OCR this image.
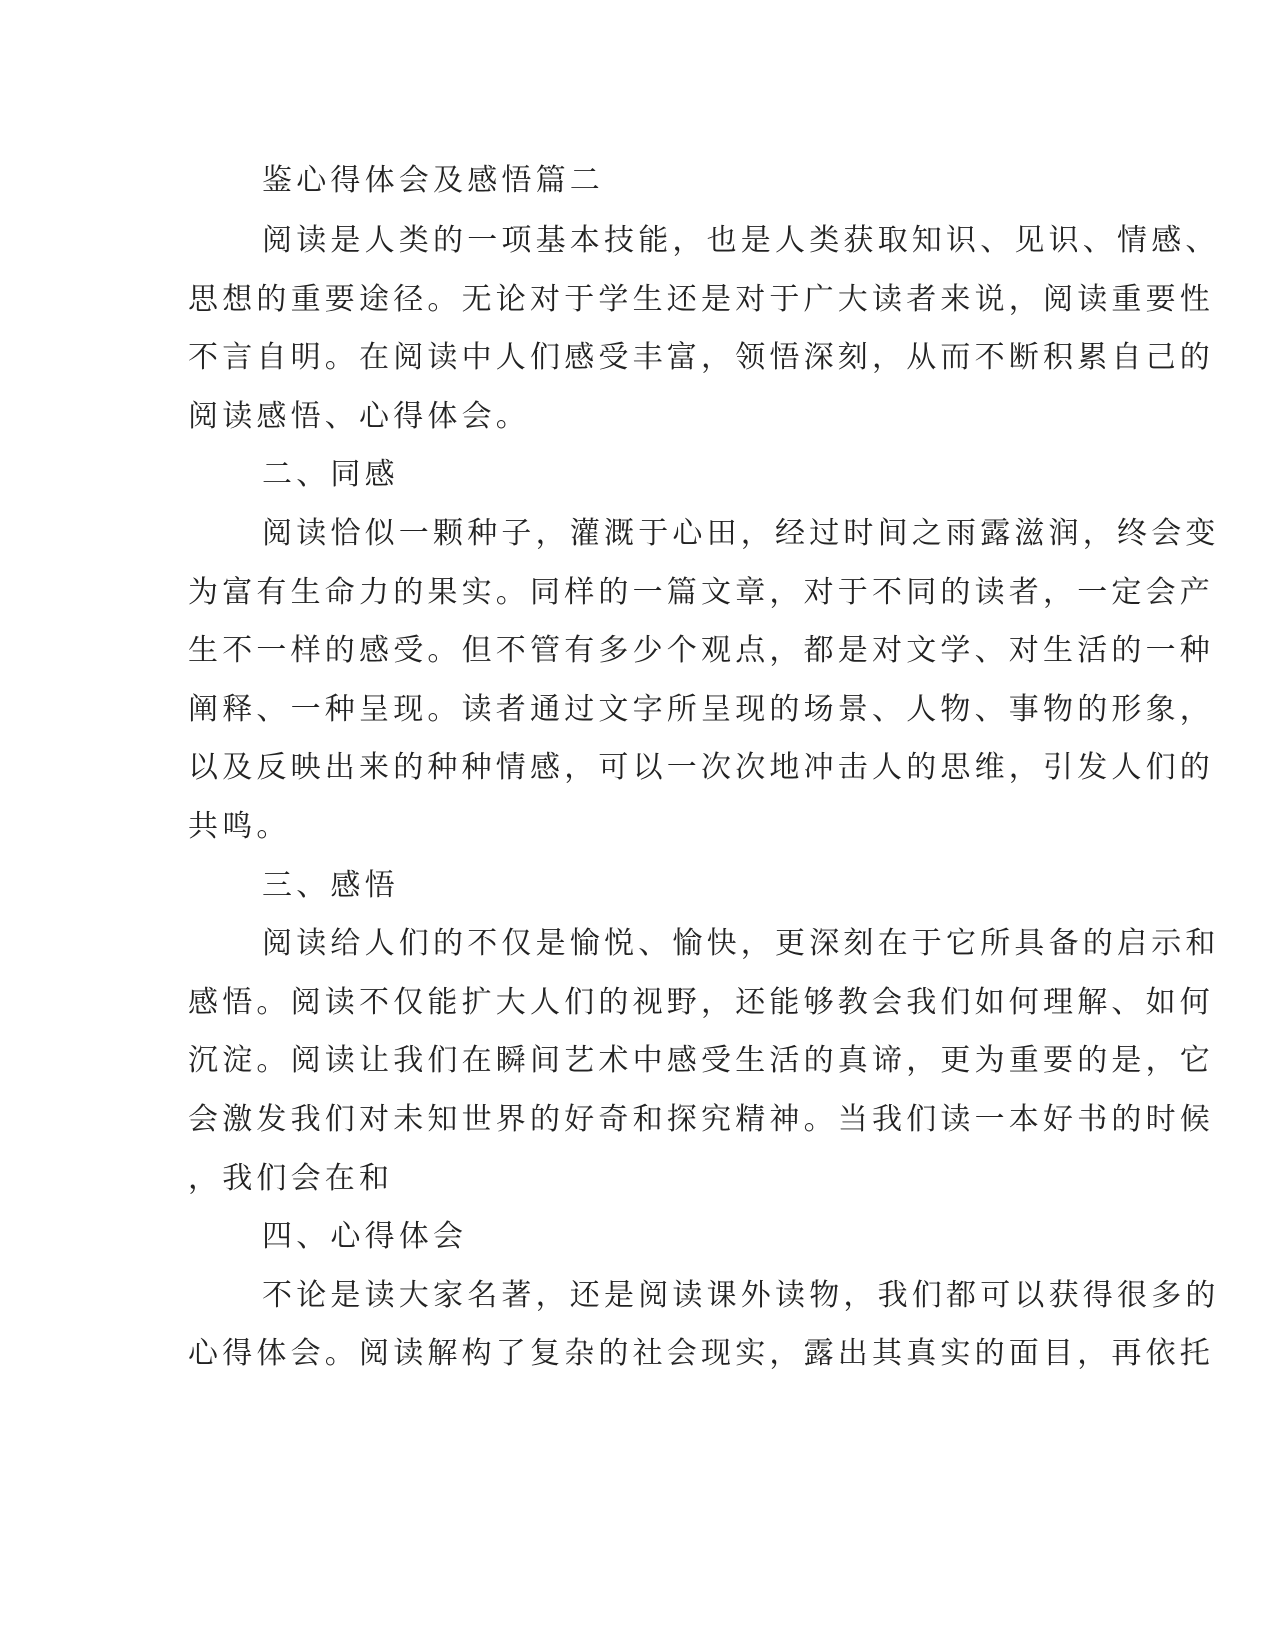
鉴心得体会及感悟篇二
阅读是人类的一项基本技能，也是人类获取知识、见识、情感、
思想的重要途径。无论对于学生还是对于广大读者来说，阅读重要性
不言自明。在阅读中人们感受丰富，领悟深刻，从而不断积累自己的
阅读感悟、心得体会。
二、同感
阅读恰似一颗种子，灌溉于心田，经过时间之雨露滋润，终会变
为富有生命力的果实。同样的一篇文章，对于不同的读者，一定会产
生不一样的感受。但不管有多少个观点，都是对文学、对生活的一种
阐释、一种呈现。读者通过文字所呈现的场景、人物、事物的形象，
以及反映出来的种种情感，可以一次次地冲击人的思维，引发人们的
共鸣。
三、感悟
阅读给人们的不仅是愉悦、愉快，更深刻在于它所具备的启示和
感悟。阅读不仅能扩大人们的视野，还能够教会我们如何理解、如何
沉淀。阅读让我们在瞬间艺术中感受生活的真谛，更为重要的是，它
会激发我们对未知世界的好奇和探究精神。当我们读一本好书的时候
，我们会在和
四、心得体会
不论是读大家名著，还是阅读课外读物，我们都可以获得很多的
心得体会。阅读解构了复杂的社会现实，露出其真实的面目，再依托
